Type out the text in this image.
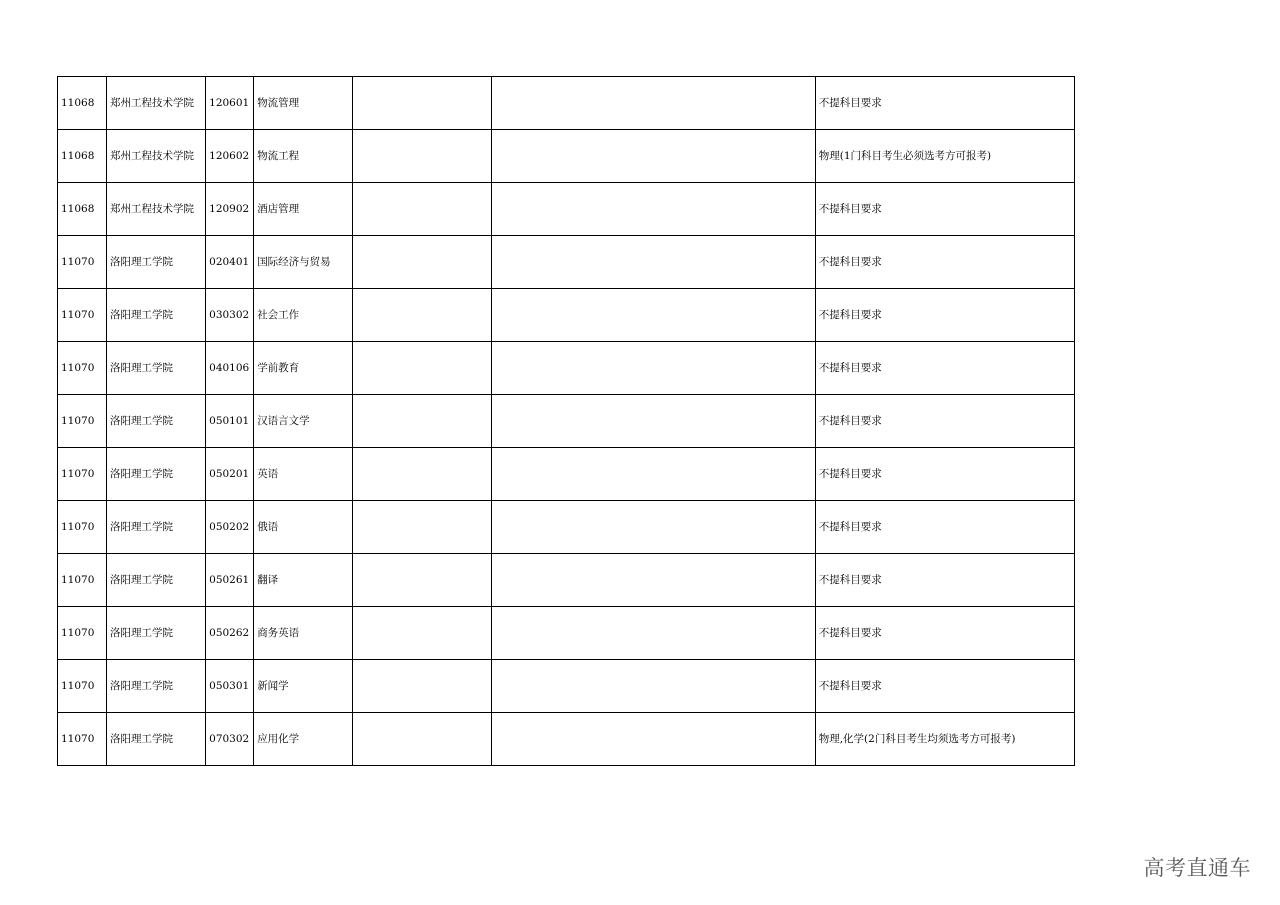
11068	郑州工程技术学院	120601	物流管理			不提科目要求
11068	郑州工程技术学院	120602	物流工程			物理(1门科目考生必须选考方可报考)
11068	郑州工程技术学院	120902	酒店管理			不提科目要求
11070	洛阳理工学院	020401	国际经济与贸易			不提科目要求
11070	洛阳理工学院	030302	社会工作			不提科目要求
11070	洛阳理工学院	040106	学前教育			不提科目要求
11070	洛阳理工学院	050101	汉语言文学			不提科目要求
11070	洛阳理工学院	050201	英语			不提科目要求
11070	洛阳理工学院	050202	俄语			不提科目要求
11070	洛阳理工学院	050261	翻译			不提科目要求
11070	洛阳理工学院	050262	商务英语			不提科目要求
11070	洛阳理工学院	050301	新闻学			不提科目要求
11070	洛阳理工学院	070302	应用化学			物理,化学(2门科目考生均须选考方可报考)
高考直通车
